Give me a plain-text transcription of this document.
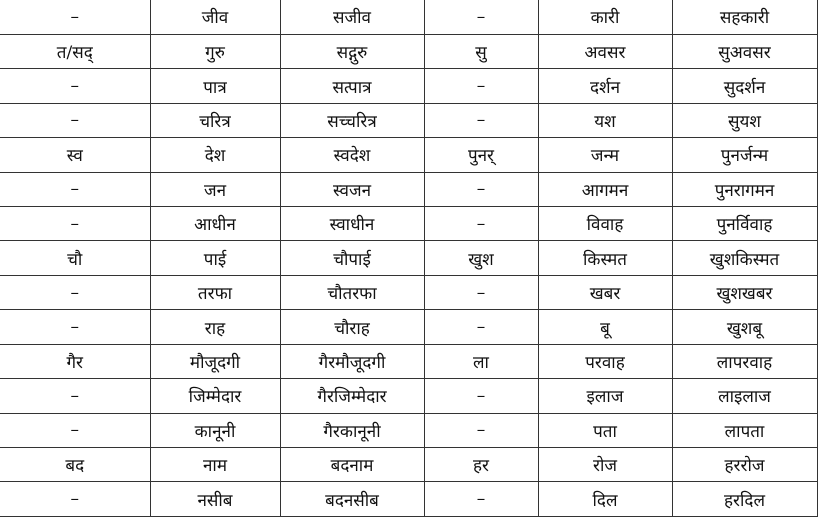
–	जीव	सजीव	–	कारी	सहकारी
त/सद्	गुरु	सद्गुरु	सु	अवसर	सुअवसर
–	पात्र	सत्पात्र	–	दर्शन	सुदर्शन
–	चरित्र	सच्चरित्र	–	यश	सुयश
स्व	देश	स्वदेश	पुनर्	जन्म	पुनर्जन्म
–	जन	स्वजन	–	आगमन	पुनरागमन
–	आधीन	स्वाधीन	–	विवाह	पुनर्विवाह
चौ	पाई	चौपाई	खुश	किस्मत	खुशकिस्मत
–	तरफा	चौतरफा	–	खबर	खुशखबर
–	राह	चौराह	–	बू	खुशबू
गैर	मौजूदगी	गैरमौजूदगी	ला	परवाह	लापरवाह
–	जिम्मेदार	गैरजिम्मेदार	–	इलाज	लाइलाज
–	कानूनी	गैरकानूनी	–	पता	लापता
बद	नाम	बदनाम	हर	रोज	हररोज
–	नसीब	बदनसीब	–	दिल	हरदिल
